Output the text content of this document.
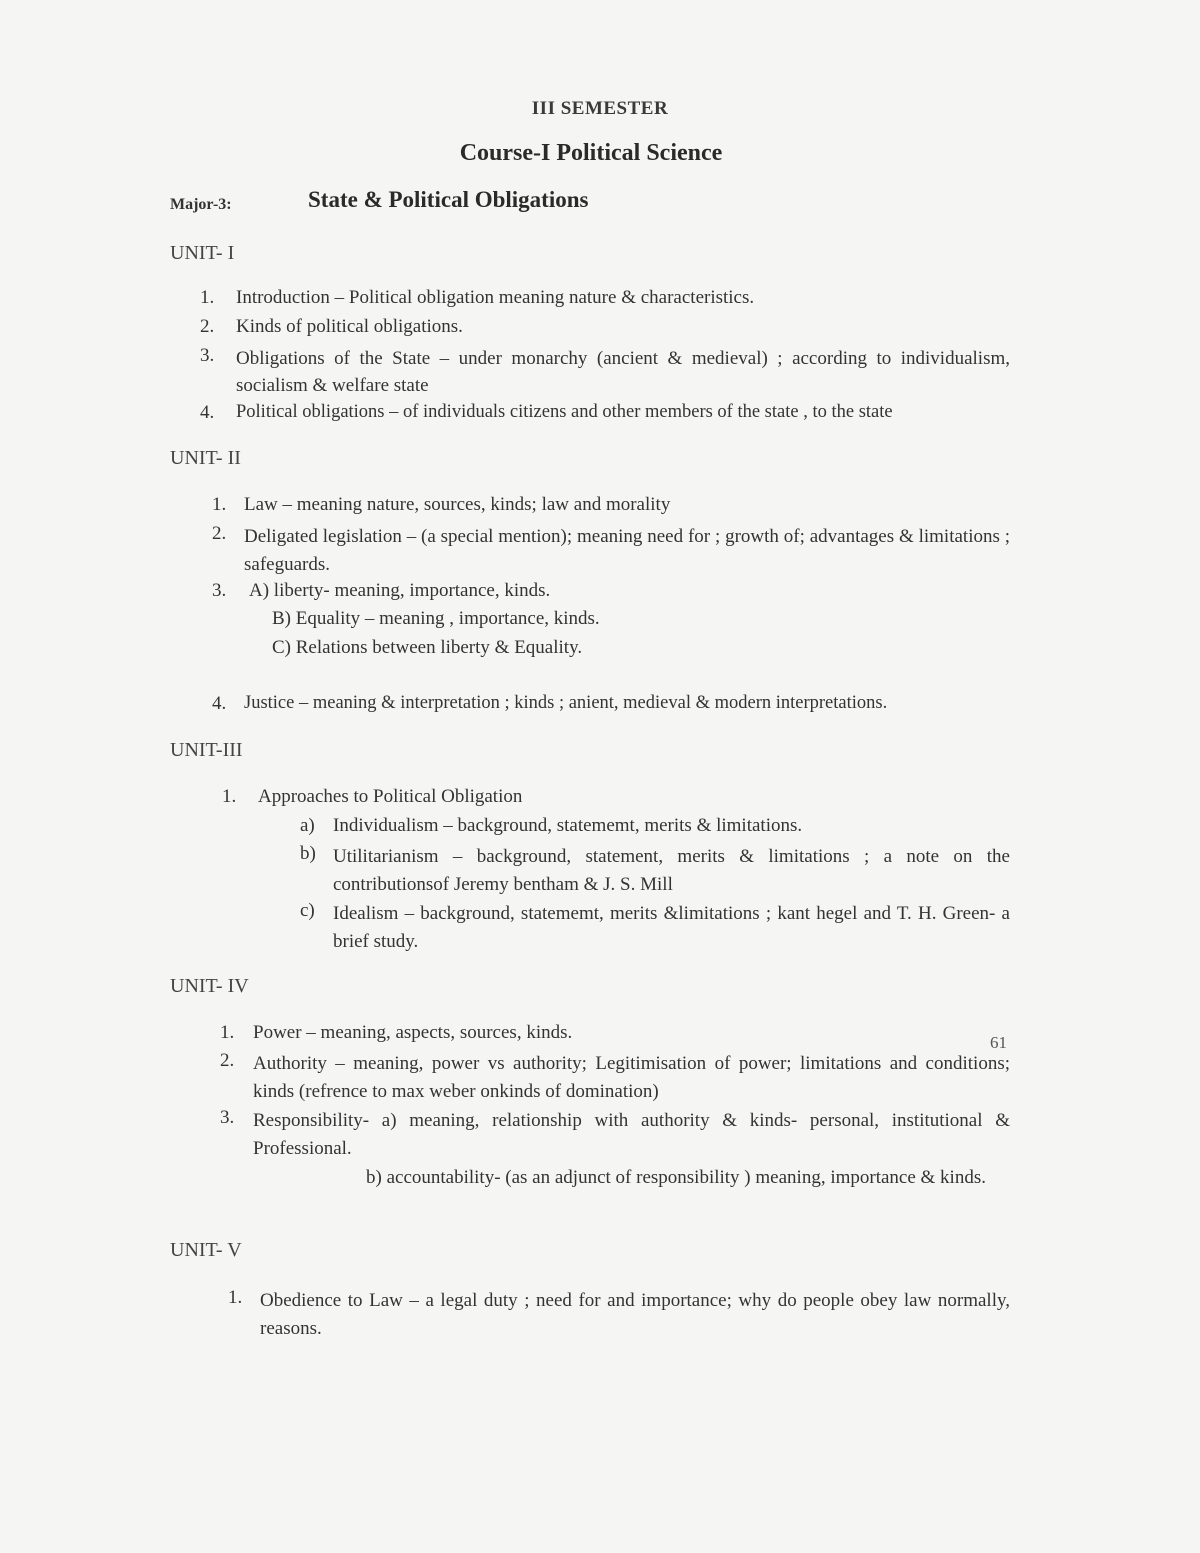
III SEMESTER
Course-I Political Science
Major-3:	State & Political Obligations
UNIT- I
1. Introduction – Political obligation meaning nature & characteristics.
2. Kinds of political obligations.
3. Obligations of the State – under monarchy (ancient & medieval) ; according to individualism, socialism & welfare state
4. Political obligations – of individuals citizens and other members of the state , to the state
UNIT- II
1. Law – meaning nature, sources, kinds; law and morality
2. Deligated legislation – (a special mention); meaning need for ; growth of; advantages & limitations ; safeguards.
3. A) liberty- meaning, importance, kinds.
B) Equality – meaning , importance, kinds.
C) Relations between liberty & Equality.
4. Justice – meaning & interpretation ; kinds ; anient, medieval & modern interpretations.
UNIT-III
1. Approaches to Political Obligation
a) Individualism – background, statememt, merits & limitations.
b) Utilitarianism – background, statement, merits & limitations ; a note on the contributionsof Jeremy bentham & J. S. Mill
c) Idealism – background, statememt, merits &limitations ; kant hegel and T. H. Green- a brief study.
UNIT- IV
1. Power – meaning, aspects, sources, kinds.
2. Authority – meaning, power vs authority; Legitimisation of power; limitations and conditions; kinds (refrence to max weber onkinds of domination)
3. Responsibility- a) meaning, relationship with authority & kinds- personal, institutional & Professional.
b) accountability- (as an adjunct of responsibility ) meaning, importance & kinds.
UNIT- V
1. Obedience to Law – a legal duty ; need for and importance; why do people obey law normally, reasons.
61
